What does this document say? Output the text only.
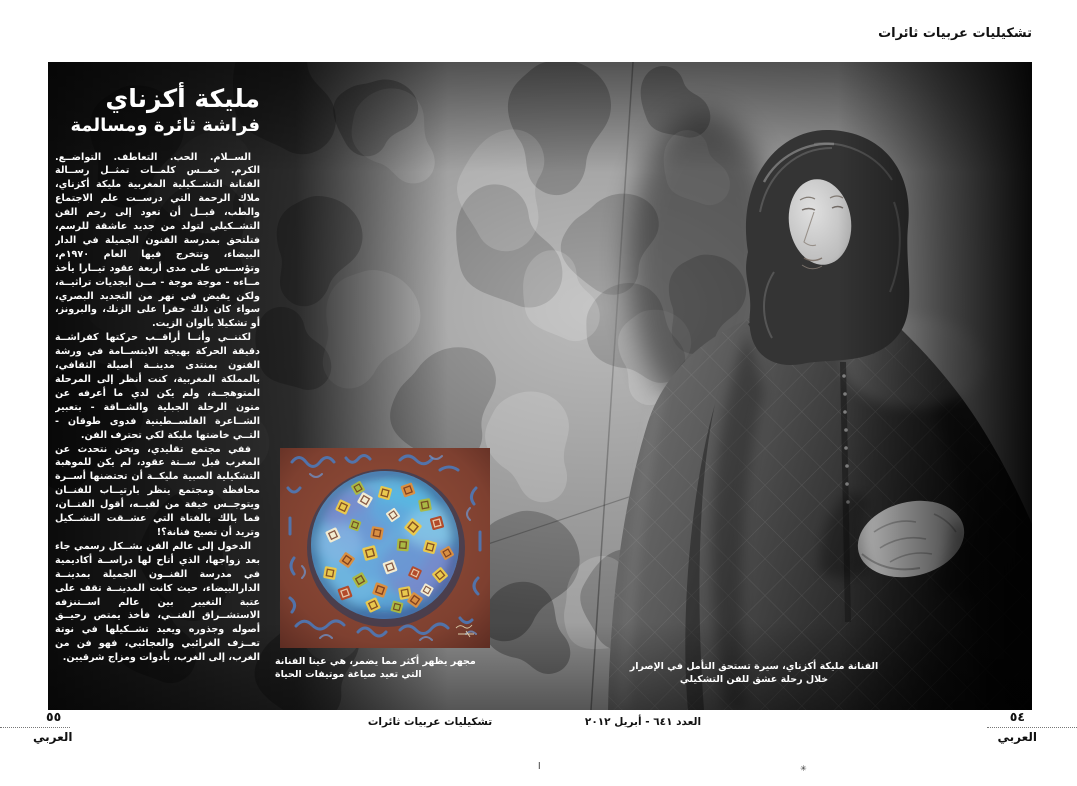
تشكيليات عربيات ثائرات
مليكة أكزناي
فراشة ثائرة ومسالمة

الســلام. الحب. التعاطف. التواضــع. الكرم. خمــس كلمــات تمثــل رســالة الفنانة التشــكيلية المغربية مليكة أكزناي، ملاك الرحمة التي درســت علم الاجتماع والطب، قبــل أن تعود إلى رحم الفن التشــكيلي لتولد من جديد عاشقة للرسم، فتلتحق بمدرسة الفنون الجميلة في الدار البيضاء، وتتخرج فيها العام ١٩٧٠م، وتؤســس على مدى أربعة عقود تيــارا يأخذ مــاءه - موجة موجة - مــن أبجديات تراثيــة، ولكن يفيض في نهر من التجديد البصري، سواء كان ذلك حفرا على الزنك، والبرونز، أو تشكيلا بألوان الزيت.

لكننــي وأنــا أراقــب حركتها كفراشــة دقيقة الحركة بهيجة الابتســامة في ورشة الفنون بمنتدى مدينــة أصيلة الثقافي، بالمملكة المغربية، كنت أنظر إلى المرحلة المتوهجــة، ولم يكن لدي ما أعرفه عن متون الرحلة الجبلية والشــاقة - بتعبير الشــاعرة الفلســطينية فدوى طوقان - التــي خاضتها مليكة لكي تحترف الفن.

ففي مجتمع تقليدي، ونحن نتحدث عن المغرب قبل ســتة عقود، لم يكن للموهبة التشكيلية الصبية مليكــة أن تحتضنها أســرة محافظة ومجتمع ينظر بارتيــاب للفنــان ويتوجــس خيفة من لقبــه، أقول الفنــان، فما بالك بالفتاة التي عشــقت التشــكيل وتريد أن تصبح فنانة؟!

الدخول إلى عالم الفن بشــكل رسمي جاء بعد زواجها، الذي أتاح لها دراســة أكاديمية في مدرسة الفنــون الجميلة بمدينــة الدارالبيضاء، حيث كانت المدينــة تقف على عتبة التغيير بين عالم اســتنزفه الاستشــراق الفنــي، فأخذ يمتص رحيــق أصوله وجذوره ويعيد تشــكيلها في نوتة تعــزف الغرائبي والعجائبي، فهو فن من الغرب، إلى الغرب، بأدوات ومزاج شرقيين. مجهر يظهر أكثر مما يضمر، هي عينا الفنانة التي تعيد صياغة موتيفات الحياة
الفنانة مليكة أكزناي، سيرة تستحق التأمل في الإصرار
خلال رحلة عشق للفن التشكيلي
٥٤
العربي
٥٥
العربي
العدد ٦٤١ - أبريل ٢٠١٢
تشكيليات عربيات ثائرات
ا	✳
